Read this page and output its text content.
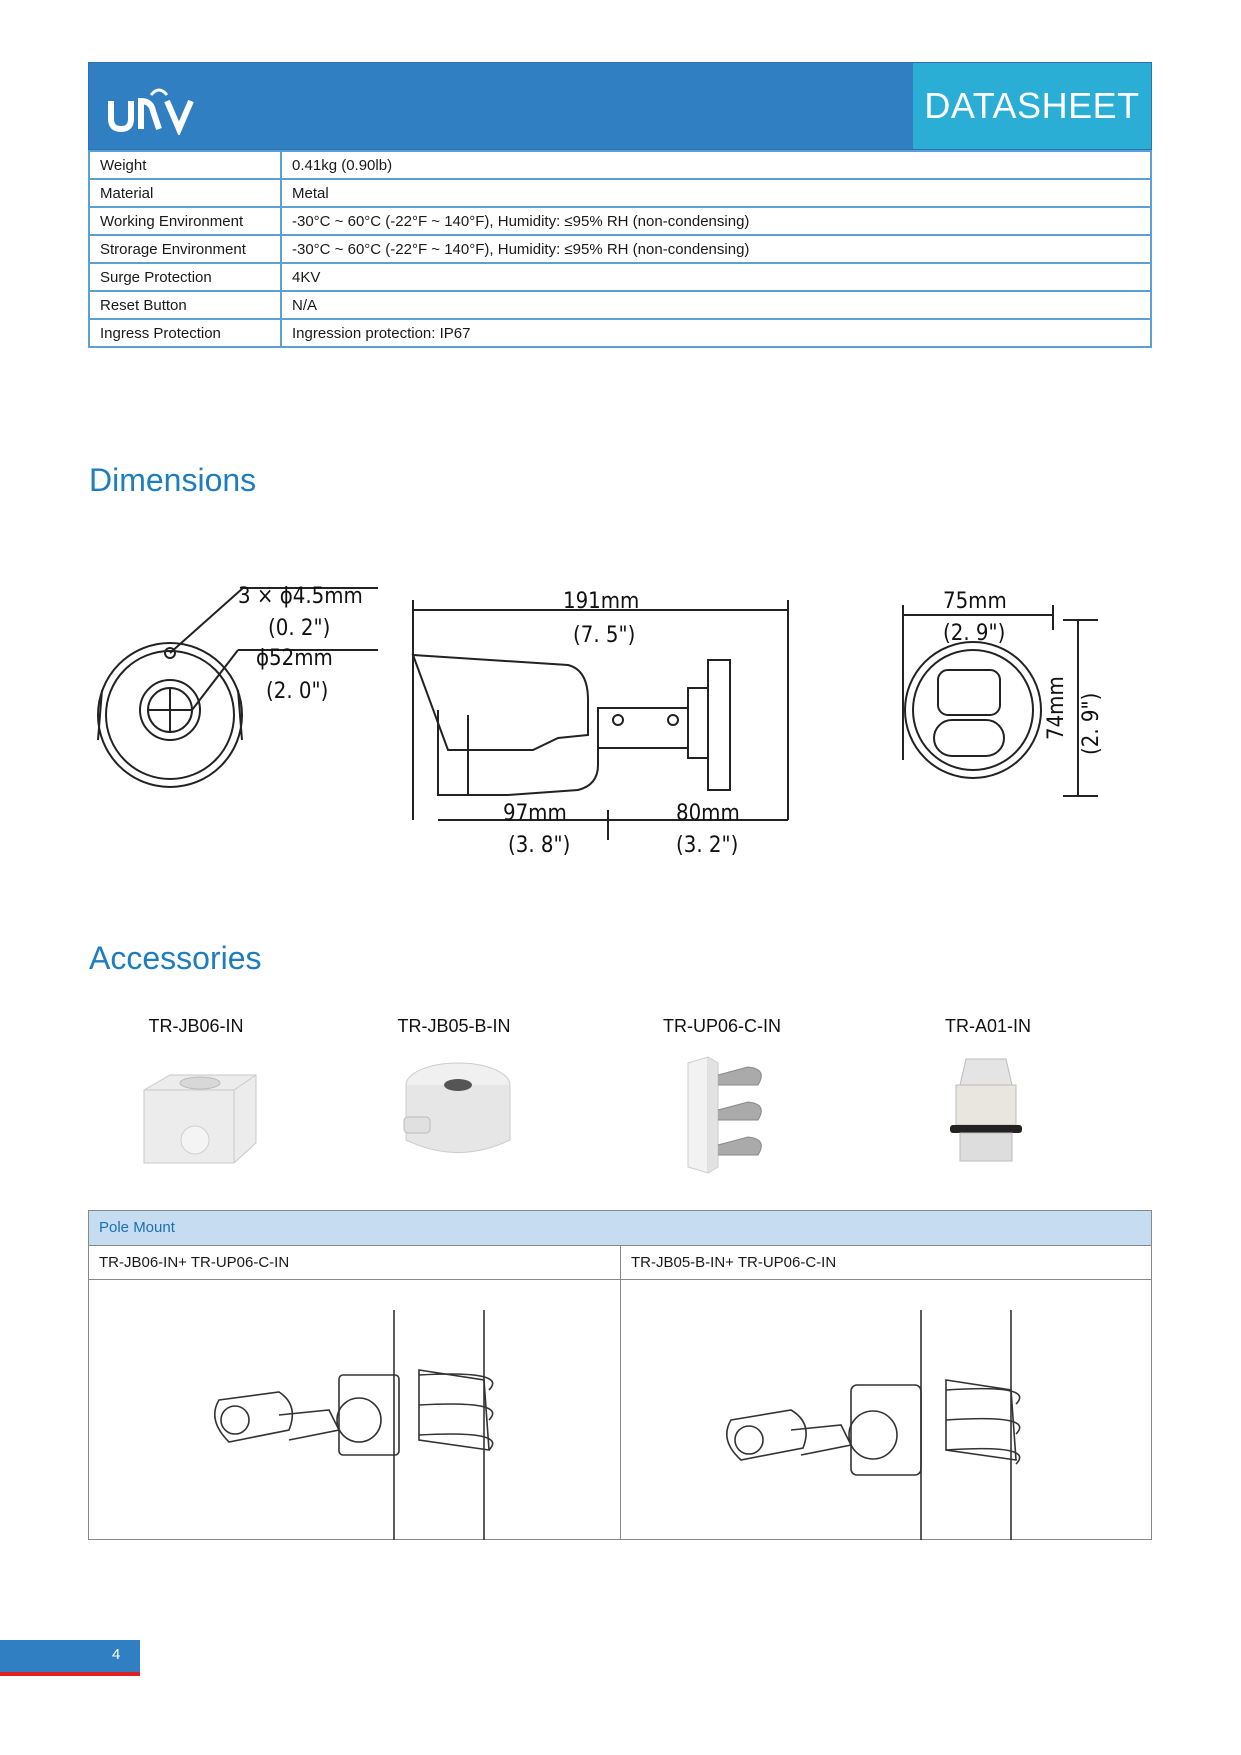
DATASHEET
Weight	0.41kg (0.90lb)
Material	Metal
Working Environment	-30°C ~ 60°C (-22°F ~ 140°F), Humidity: ≤95% RH (non-condensing)
Strorage Environment	-30°C ~ 60°C (-22°F ~ 140°F), Humidity: ≤95% RH (non-condensing)
Surge Protection	4KV
Reset Button	N/A
Ingress Protection	Ingression protection: IP67
Dimensions
3 × ϕ4.5mm
(0. 2")
ϕ52mm
(2. 0")
191mm
(7. 5")
97mm
(3. 8")
80mm
(3. 2")
75mm
(2. 9")
74mm (2. 9")
Accessories
TR-JB06-IN	TR-JB05-B-IN	TR-UP06-C-IN	TR-A01-IN
Pole Mount
TR-JB06-IN+ TR-UP06-C-IN	TR-JB05-B-IN+ TR-UP06-C-IN
4
